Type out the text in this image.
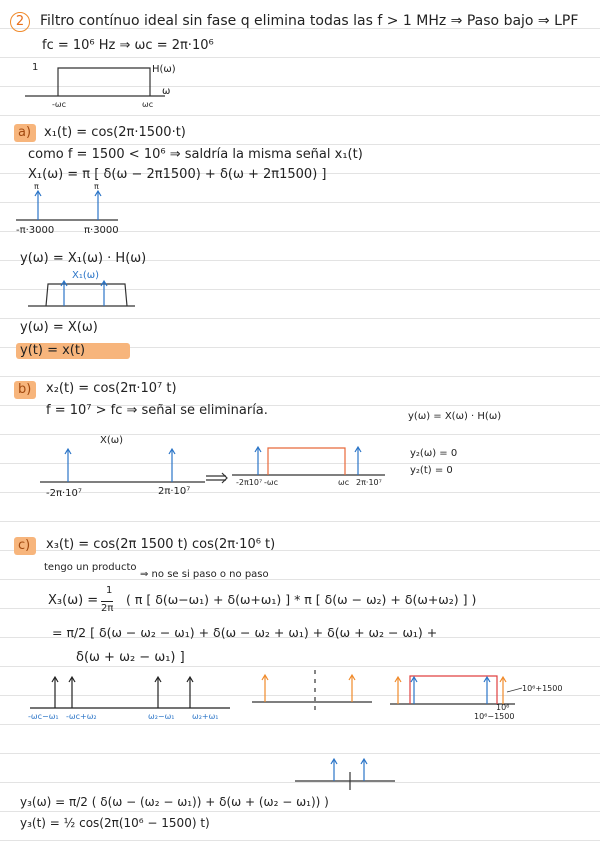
2	Filtro contínuo ideal sin fase q elimina todas las f > 1 MHz ⇒ Paso bajo ⇒ LPF
fc = 10⁶ Hz ⇒ ωc = 2π·10⁶
1	H(ω)
ω
-ωc	ωc
a) x₁(t) = cos(2π·1500·t)
como f = 1500 < 10⁶ ⇒ saldría la misma señal x₁(t)
X₁(ω) = π [ δ(ω − 2π1500) + δ(ω + 2π1500) ]
π	π
-π·3000	π·3000
y(ω) = X₁(ω) · H(ω)
X₁(ω)
y(ω) = X(ω)
y(t) = x(t)
b) x₂(t) = cos(2π·10⁷ t)
f = 10⁷ > fc ⇒ señal se eliminaría.	y(ω) = X(ω) · H(ω)
X(ω)
-2π·10⁷	2π·10⁷
-2π10⁷ -ωc	ωc 2π·10⁷
y₂(ω) = 0
y₂(t) = 0
c) x₃(t) = cos(2π 1500 t) cos(2π·10⁶ t)
tengo un producto
⇒ no se si paso o no paso
X₃(ω) =
1
2π
( π [ δ(ω−ω₁) + δ(ω+ω₁) ] * π [ δ(ω − ω₂) + δ(ω+ω₂) ] )
= π/2 [ δ(ω − ω₂ − ω₁) + δ(ω − ω₂ + ω₁) + δ(ω + ω₂ − ω₁) +
δ(ω + ω₂ − ω₁) ]
-ωc−ω₁ -ωc+ω₂	ω₂−ω₁ ω₂+ω₁
10⁶+1500
10⁶
10⁶−1500
y₃(ω) = π/2 ( δ(ω − (ω₂ − ω₁)) + δ(ω + (ω₂ − ω₁)) )
y₃(t) = ½ cos(2π(10⁶ − 1500) t)
